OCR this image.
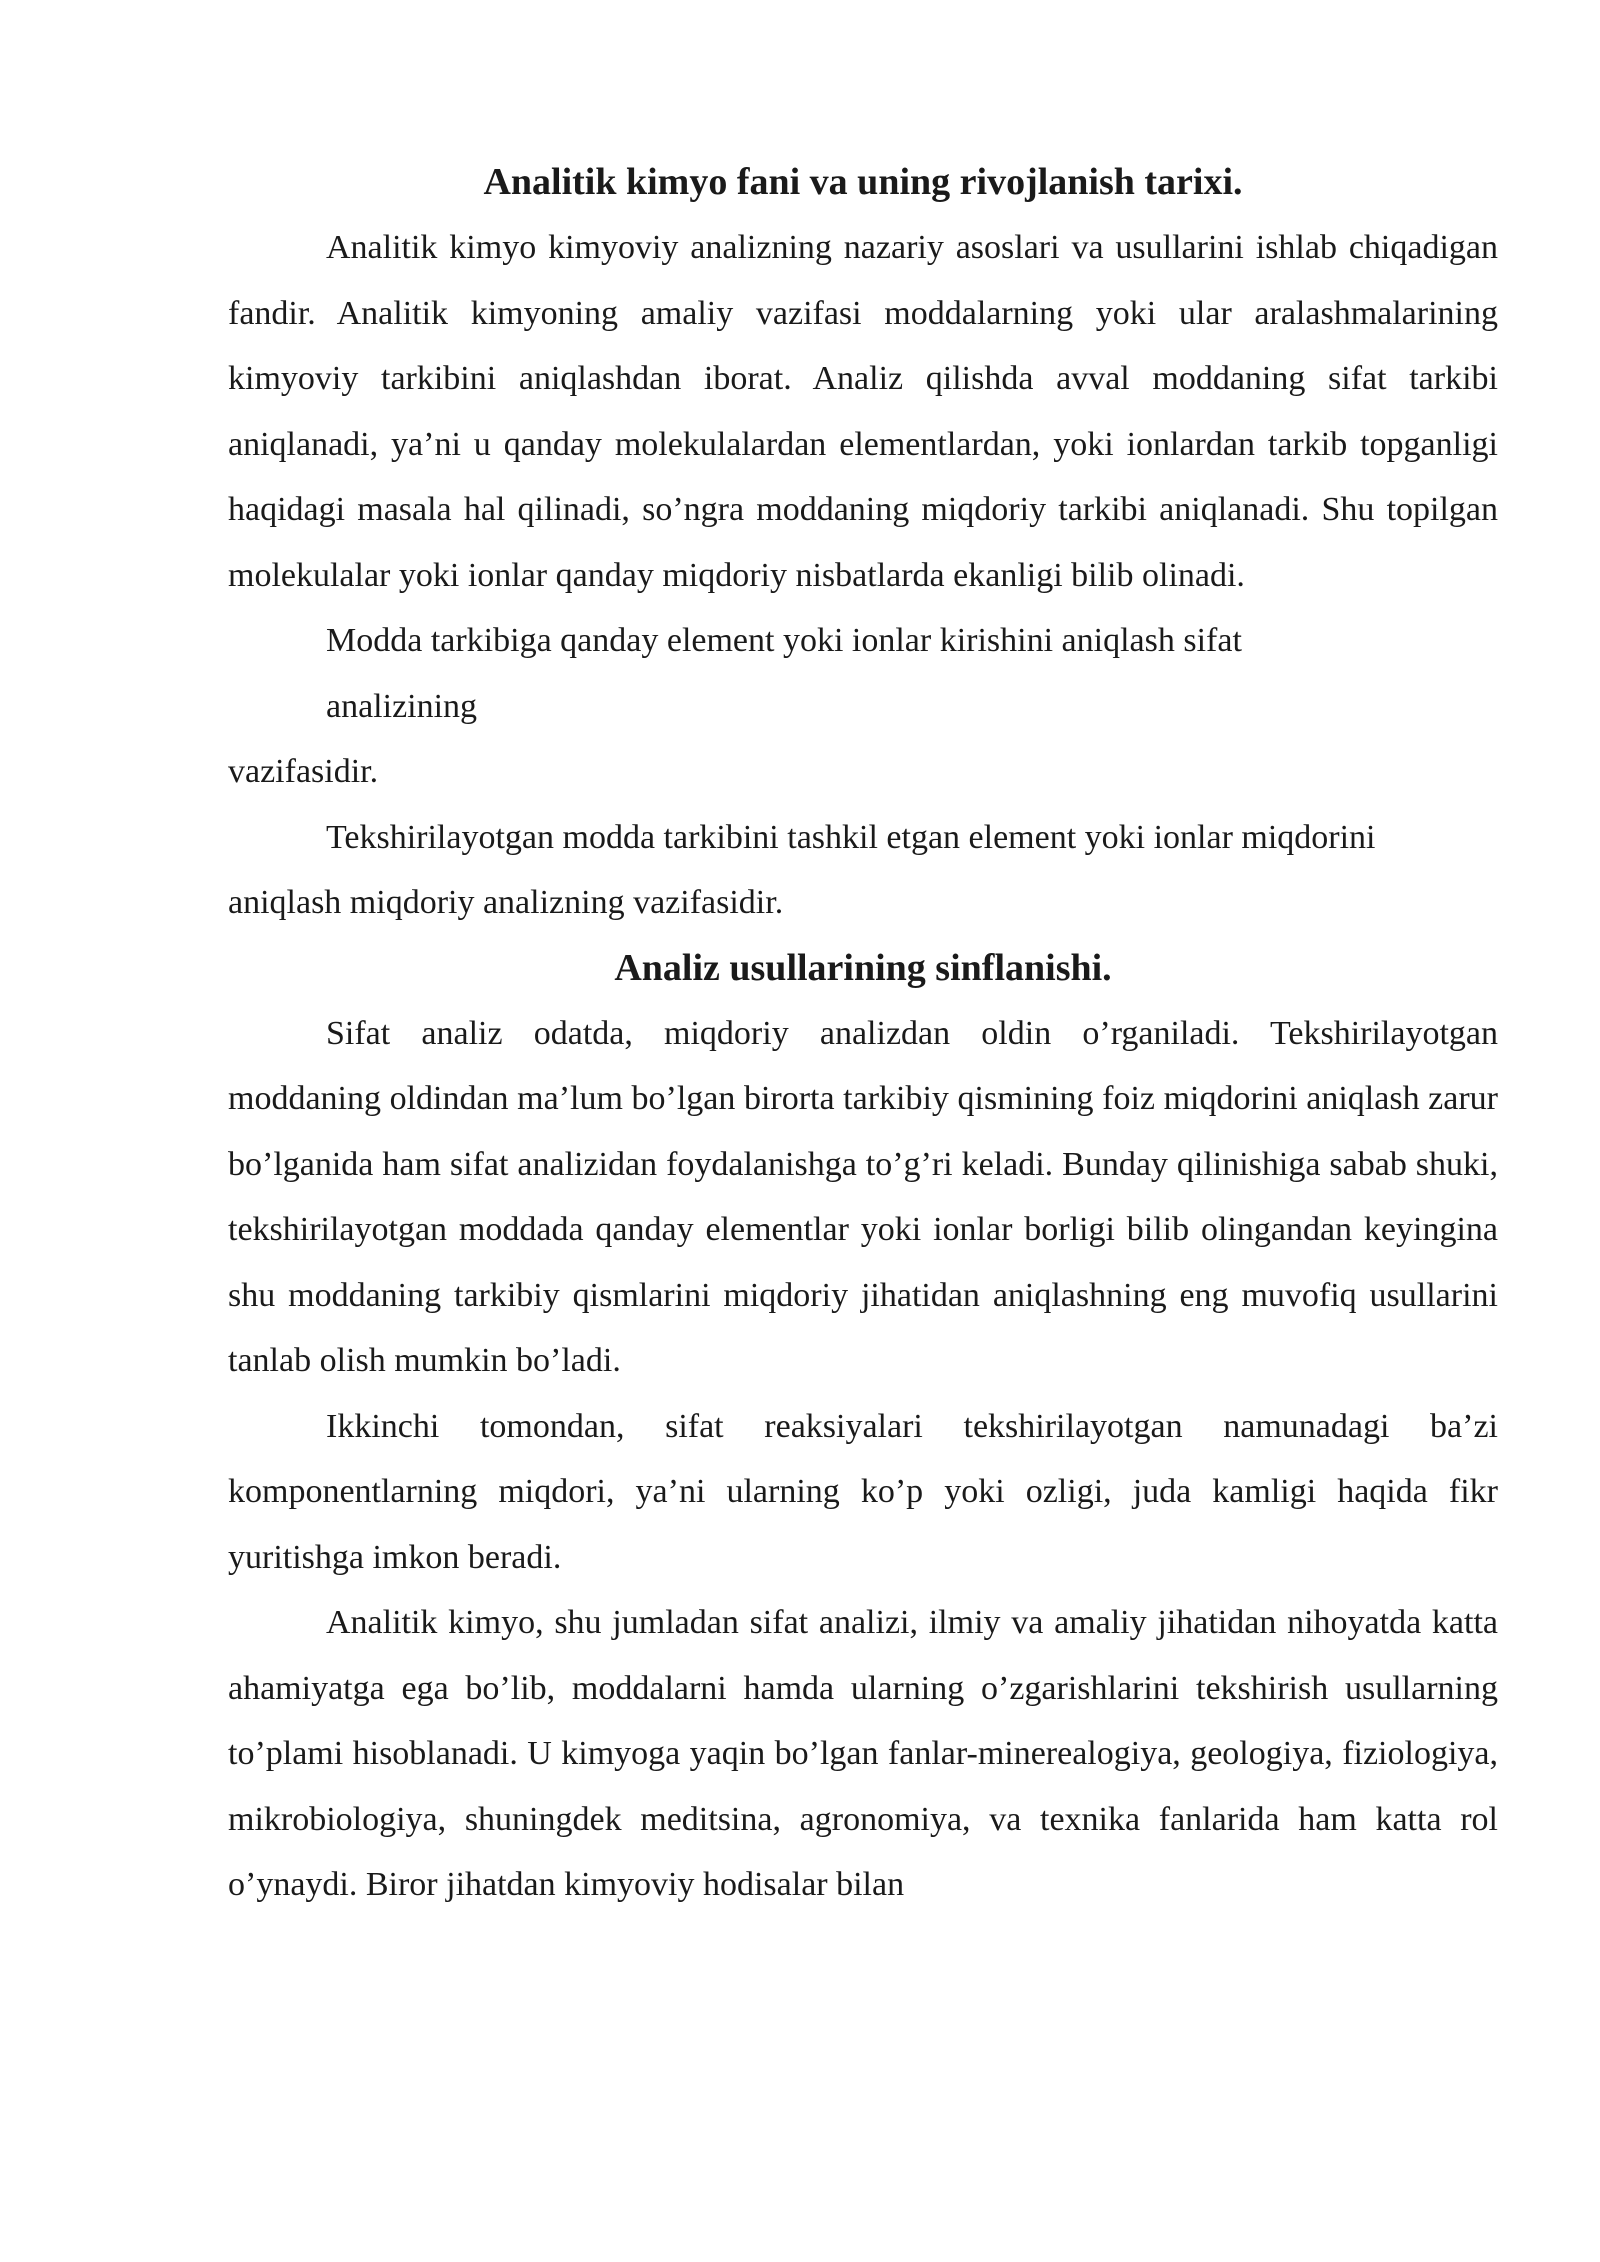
Analitik kimyo fani va uning rivojlanish tarixi.

Analitik kimyo kimyoviy analizning nazariy asoslari va usullarini ishlab chiqadigan fandir. Analitik kimyoning amaliy vazifasi moddalarning yoki ular aralashmalarining kimyoviy tarkibini aniqlashdan iborat. Analiz qilishda avval moddaning sifat tarkibi aniqlanadi, ya’ni u qanday molekulalardan elementlardan, yoki ionlardan tarkib topganligi haqidagi masala hal qilinadi, so’ngra moddaning miqdoriy tarkibi aniqlanadi. Shu topilgan molekulalar yoki ionlar qanday miqdoriy nisbatlarda ekanligi bilib olinadi.

Modda tarkibiga qanday element yoki ionlar kirishini aniqlash sifat analizining

vazifasidir.

Tekshirilayotgan modda tarkibini tashkil etgan element yoki ionlar miqdorini

aniqlash miqdoriy analizning vazifasidir.

Analiz usullarining sinflanishi.

Sifat analiz odatda, miqdoriy analizdan oldin o’rganiladi. Tekshirilayotgan moddaning oldindan ma’lum bo’lgan birorta tarkibiy qismining foiz miqdorini aniqlash zarur bo’lganida ham sifat analizidan foydalanishga to’g’ri keladi. Bunday qilinishiga sabab shuki, tekshirilayotgan moddada qanday elementlar yoki ionlar borligi bilib olingandan keyingina shu moddaning tarkibiy qismlarini miqdoriy jihatidan aniqlashning eng muvofiq usullarini tanlab olish mumkin bo’ladi.

Ikkinchi tomondan, sifat reaksiyalari tekshirilayotgan namunadagi ba’zi komponentlarning miqdori, ya’ni ularning ko’p yoki ozligi, juda kamligi haqida fikr yuritishga imkon beradi.

Analitik kimyo, shu jumladan sifat analizi, ilmiy va amaliy jihatidan nihoyatda katta ahamiyatga ega bo’lib, moddalarni hamda ularning o’zgarishlarini tekshirish usullarning to’plami hisoblanadi. U kimyoga yaqin bo’lgan fanlar-minerealogiya, geologiya, fiziologiya, mikrobiologiya, shuningdek meditsina, agronomiya, va texnika fanlarida ham katta rol o’ynaydi. Biror jihatdan kimyoviy hodisalar bilan
